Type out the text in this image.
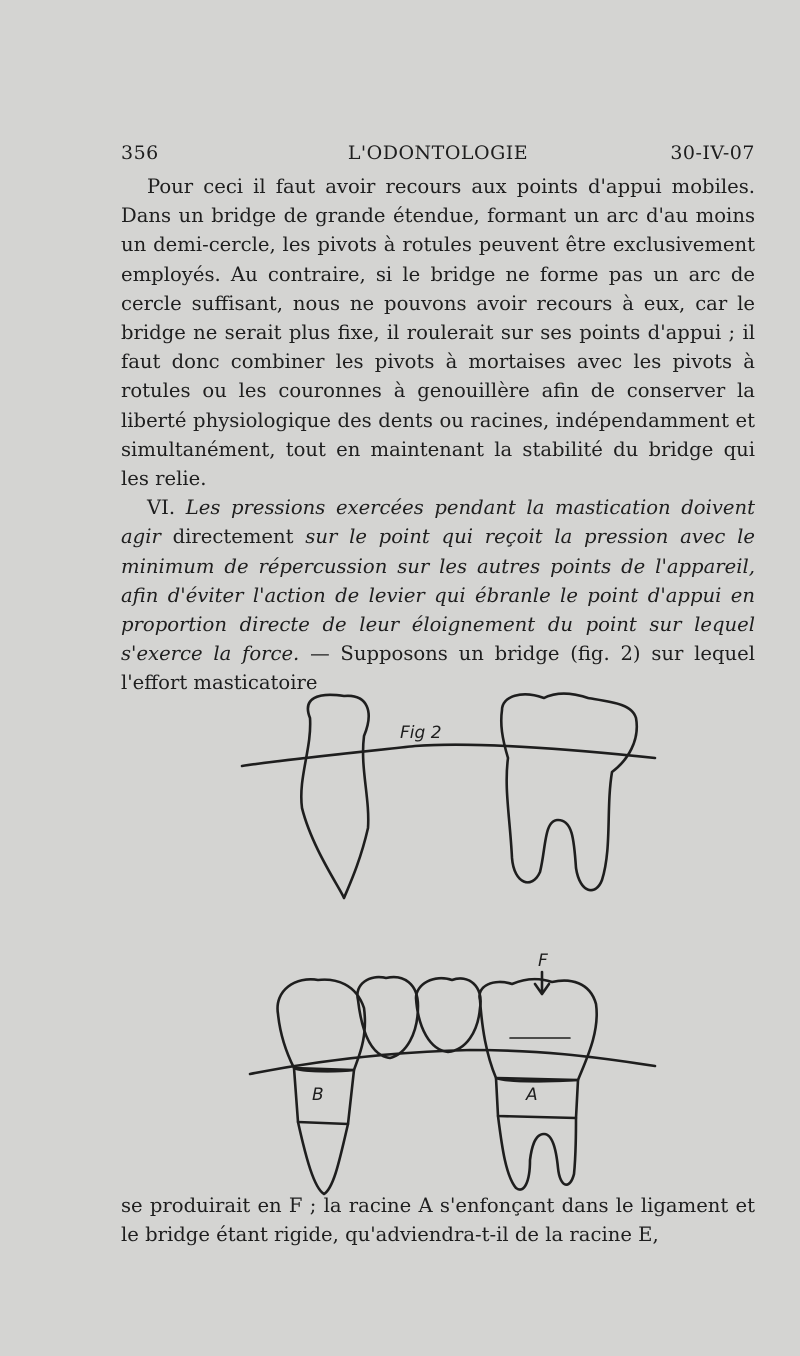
356	L'ODONTOLOGIE	30-IV-07

Pour ceci il faut avoir recours aux points d'appui mobiles. Dans un bridge de grande étendue, formant un arc d'au moins un demi-cercle, les pivots à rotules peuvent être exclusivement employés. Au contraire, si le bridge ne forme pas un arc de cercle suffisant, nous ne pouvons avoir recours à eux, car le bridge ne serait plus fixe, il roulerait sur ses points d'appui ; il faut donc combiner les pivots à mortaises avec les pivots à rotules ou les couronnes à genouillère afin de conserver la liberté physiologique des dents ou racines, indépendamment et simultanément, tout en maintenant la stabilité du bridge qui les relie.

VI. Les pressions exercées pendant la mastication doivent agir directement sur le point qui reçoit la pression avec le minimum de répercussion sur les autres points de l'appareil, afin d'éviter l'action de levier qui ébranle le point d'appui en proportion directe de leur éloignement du point sur lequel s'exerce la force. — Supposons un bridge (fig. 2) sur lequel l'effort masticatoire

Fig 2
F
B	A

se produirait en F ; la racine A s'enfonçant dans le ligament et le bridge étant rigide, qu'adviendra-t-il de la racine E,
